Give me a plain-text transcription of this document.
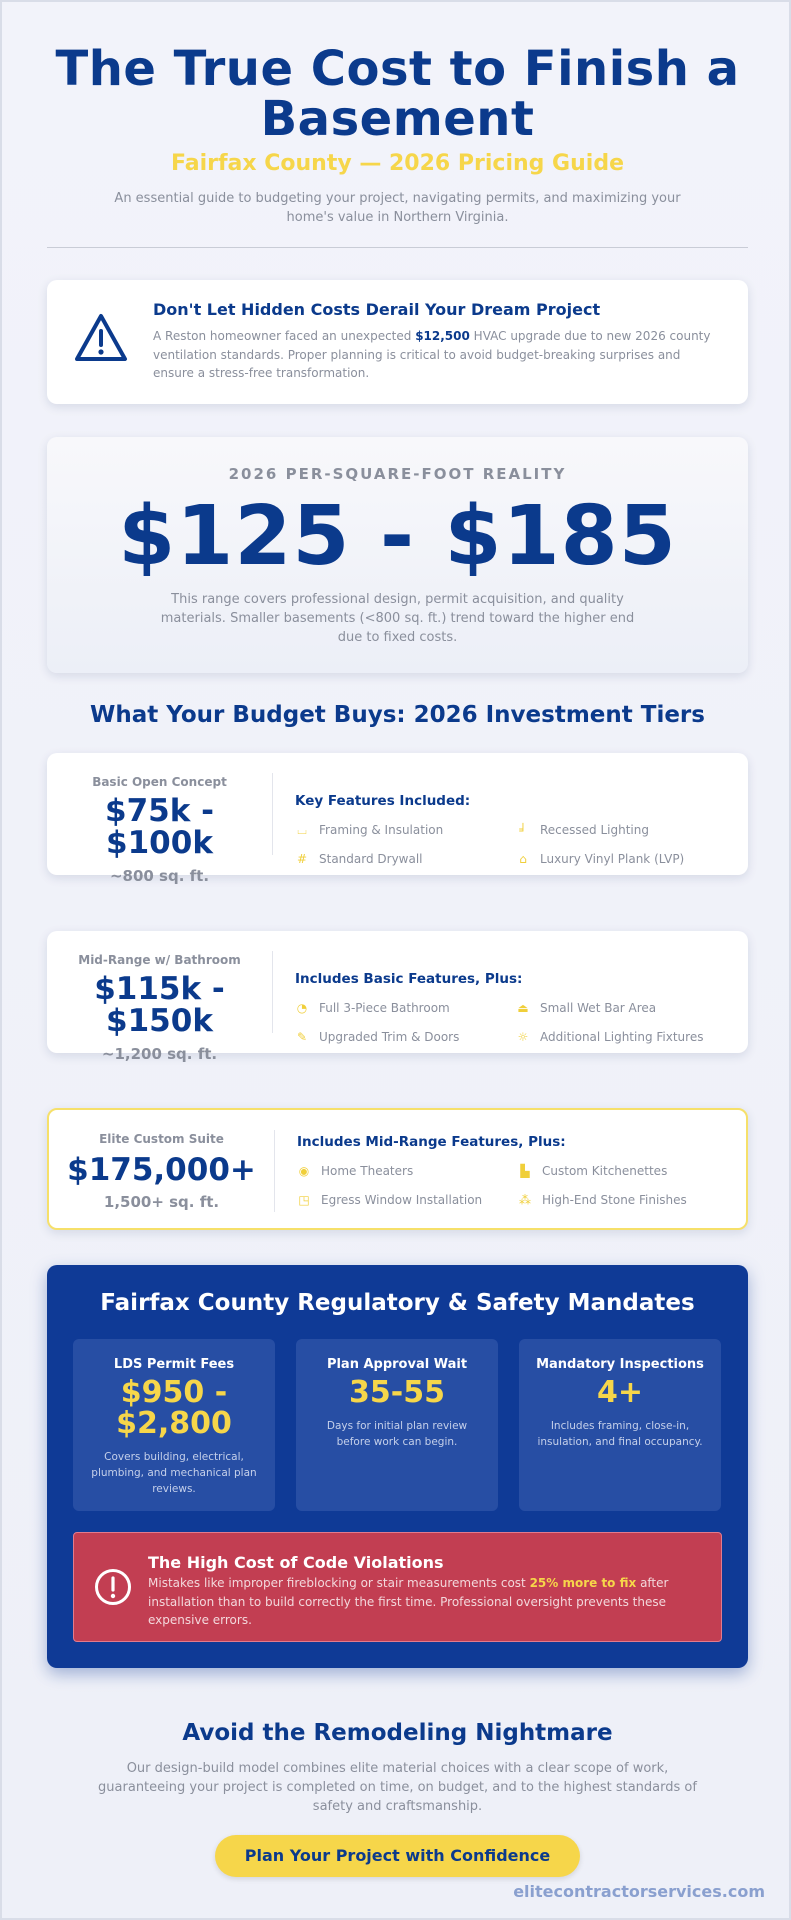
The True Cost to Finish a Basement
Fairfax County — 2026 Pricing Guide

An essential guide to budgeting your project, navigating permits, and maximizing your home's value in Northern Virginia.

Don't Let Hidden Costs Derail Your Dream Project

A Reston homeowner faced an unexpected $12,500 HVAC upgrade due to new 2026 county ventilation standards. Proper planning is critical to avoid budget-breaking surprises and ensure a stress-free transformation.

2026 PER-SQUARE-FOOT REALITY
$125 - $185

This range covers professional design, permit acquisition, and quality materials. Smaller basements (<800 sq. ft.) trend toward the higher end due to fixed costs.

What Your Budget Buys: 2026 Investment Tiers
Basic Open Concept
$75k -
$100k
~800 sq. ft.
Key Features Included:
⌴ Framing & Insulation	╛ Recessed Lighting
# Standard Drywall	⌂ Luxury Vinyl Plank (LVP)
Mid-Range w/ Bathroom
$115k -
$150k
~1,200 sq. ft.
Includes Basic Features, Plus:
◔ Full 3-Piece Bathroom	⏏ Small Wet Bar Area
✎ Upgraded Trim & Doors	☼ Additional Lighting Fixtures
Elite Custom Suite
$175,000+
1,500+ sq. ft.
Includes Mid-Range Features, Plus:
◉ Home Theaters	▙ Custom Kitchenettes
◳ Egress Window Installation	⁂ High-End Stone Finishes
Fairfax County Regulatory & Safety Mandates
LDS Permit Fees
$950 -
$2,800

Covers building, electrical, plumbing, and mechanical plan reviews.

Plan Approval Wait
35-55

Days for initial plan review before work can begin.

Mandatory Inspections
4+

Includes framing, close-in, insulation, and final occupancy.

The High Cost of Code Violations

Mistakes like improper fireblocking or stair measurements cost 25% more to fix after installation than to build correctly the first time. Professional oversight prevents these expensive errors.

Avoid the Remodeling Nightmare

Our design-build model combines elite material choices with a clear scope of work, guaranteeing your project is completed on time, on budget, and to the highest standards of safety and craftsmanship.

Plan Your Project with Confidence
elitecontractorservices.com
